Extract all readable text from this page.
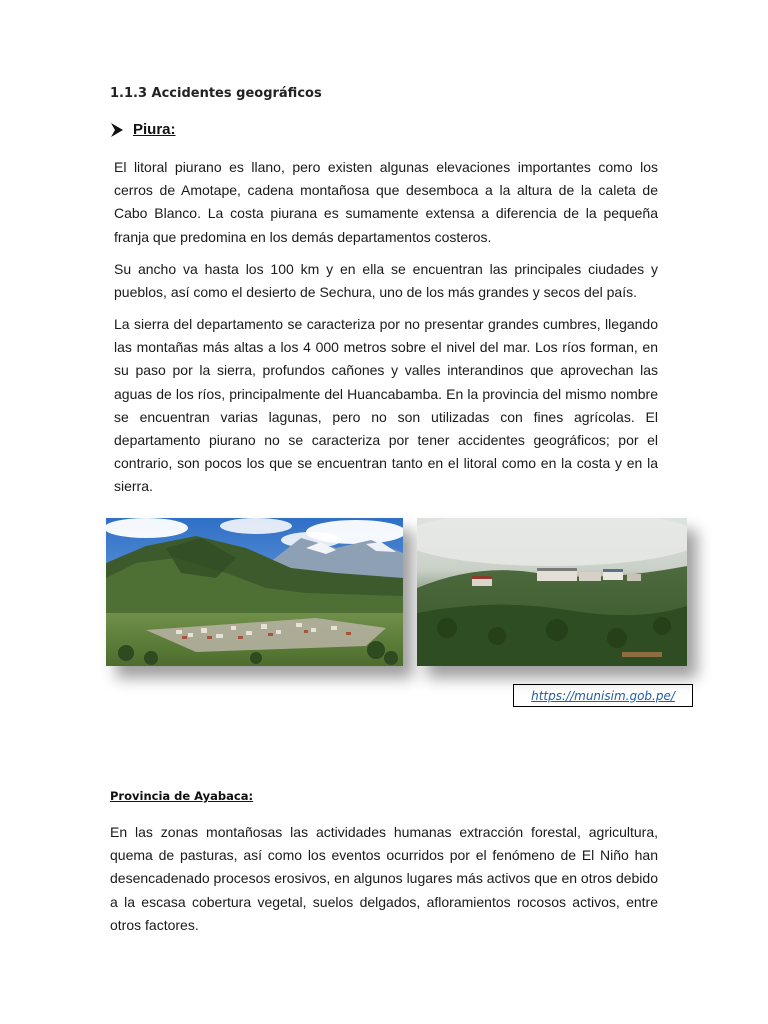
1.1.3 Accidentes geográficos
Piura:

El litoral piurano es llano, pero existen algunas elevaciones importantes como los cerros de Amotape, cadena montañosa que desemboca a la altura de la caleta de Cabo Blanco. La costa piurana es sumamente extensa a diferencia de la pequeña franja que predomina en los demás departamentos costeros.

Su ancho va hasta los 100 km y en ella se encuentran las principales ciudades y pueblos, así como el desierto de Sechura, uno de los más grandes y secos del país.

La sierra del departamento se caracteriza por no presentar grandes cumbres, llegando las montañas más altas a los 4 000 metros sobre el nivel del mar. Los ríos forman, en su paso por la sierra, profundos cañones y valles interandinos que aprovechan las aguas de los ríos, principalmente del Huancabamba. En la provincia del mismo nombre se encuentran varias lagunas, pero no son utilizadas con fines agrícolas. El departamento piurano no se caracteriza por tener accidentes geográficos; por el contrario, son pocos los que se encuentran tanto en el litoral como en la costa y en la sierra.

https://munisim.gob.pe/
Provincia de Ayabaca:

En las zonas montañosas las actividades humanas extracción forestal, agricultura, quema de pasturas, así como los eventos ocurridos por el fenómeno de El Niño han desencadenado procesos erosivos, en algunos lugares más activos que en otros debido a la escasa cobertura vegetal, suelos delgados, afloramientos rocosos activos, entre otros factores.
